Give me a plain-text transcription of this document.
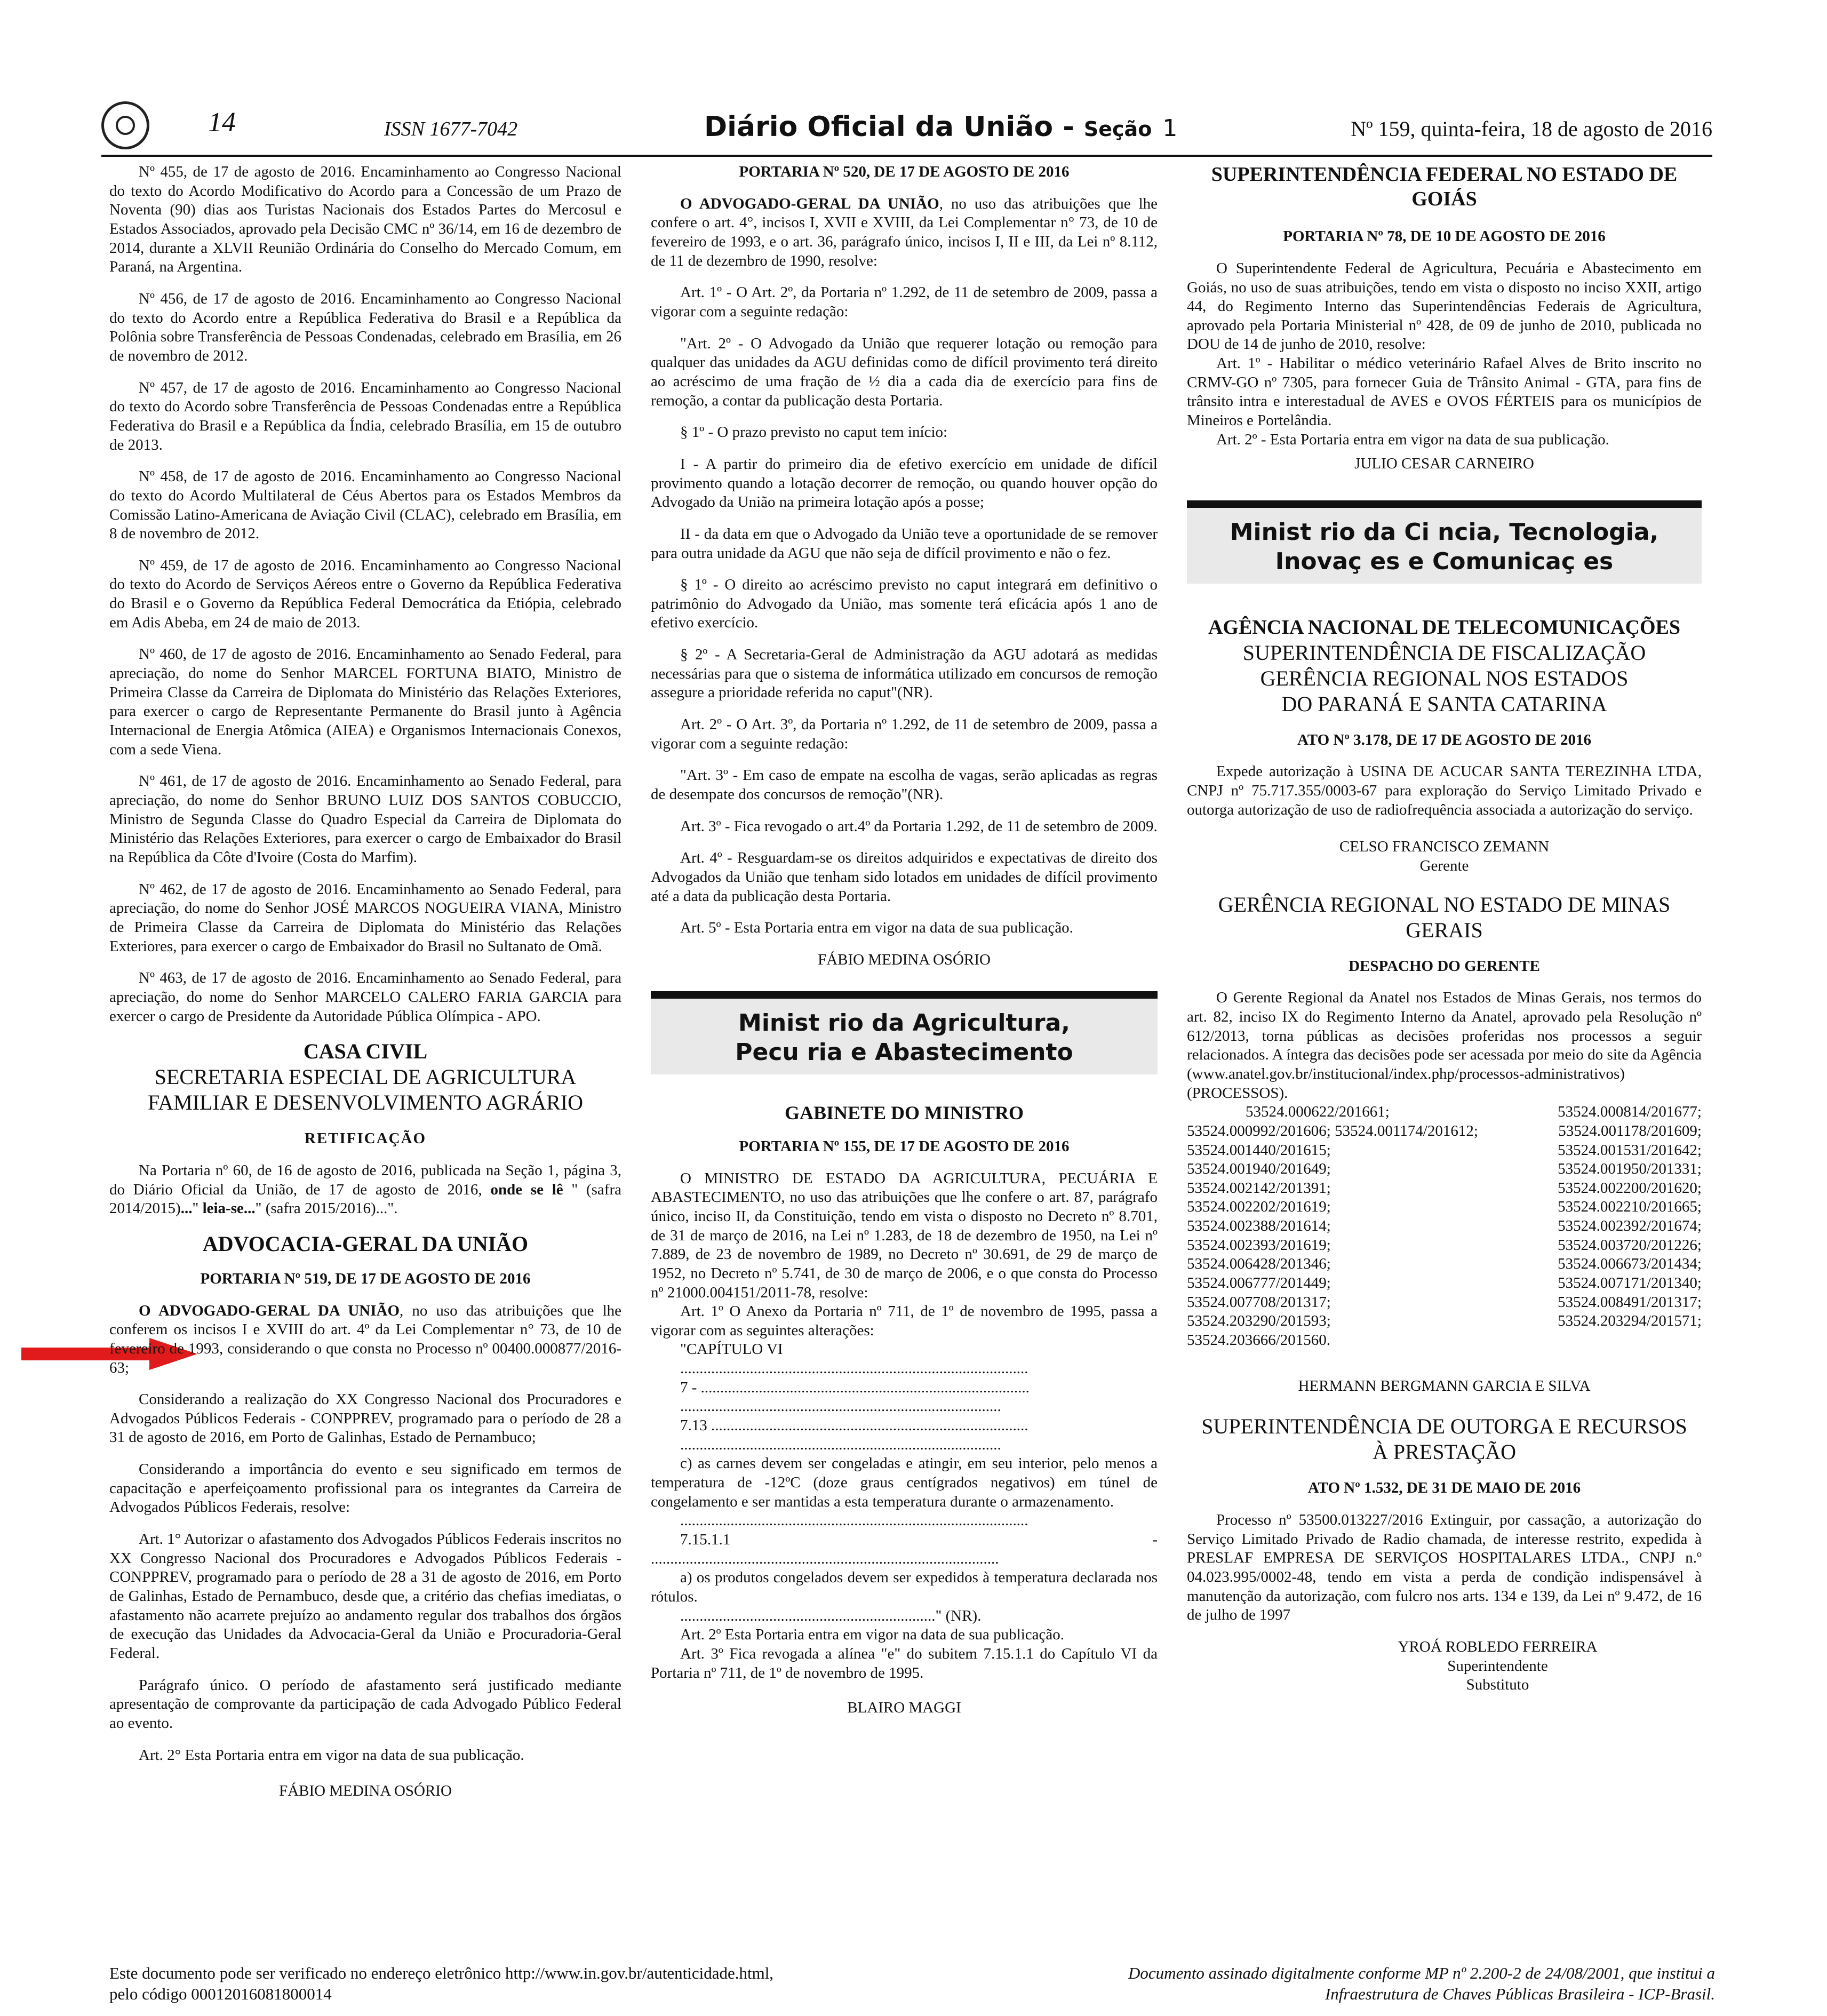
14	ISSN 1677-7042	Diário Oficial da União - Seção 1	Nº 159, quinta-feira, 18 de agosto de 2016

Nº 455, de 17 de agosto de 2016. Encaminhamento ao Congresso Nacional do texto do Acordo Modificativo do Acordo para a Concessão de um Prazo de Noventa (90) dias aos Turistas Nacionais dos Estados Partes do Mercosul e Estados Associados, aprovado pela Decisão CMC nº 36/14, em 16 de dezembro de 2014, durante a XLVII Reunião Ordinária do Conselho do Mercado Comum, em Paraná, na Argentina.

Nº 456, de 17 de agosto de 2016. Encaminhamento ao Congresso Nacional do texto do Acordo entre a República Federativa do Brasil e a República da Polônia sobre Transferência de Pessoas Condenadas, celebrado em Brasília, em 26 de novembro de 2012.

Nº 457, de 17 de agosto de 2016. Encaminhamento ao Congresso Nacional do texto do Acordo sobre Transferência de Pessoas Condenadas entre a República Federativa do Brasil e a República da Índia, celebrado Brasília, em 15 de outubro de 2013.

Nº 458, de 17 de agosto de 2016. Encaminhamento ao Congresso Nacional do texto do Acordo Multilateral de Céus Abertos para os Estados Membros da Comissão Latino-Americana de Aviação Civil (CLAC), celebrado em Brasília, em 8 de novembro de 2012.

Nº 459, de 17 de agosto de 2016. Encaminhamento ao Congresso Nacional do texto do Acordo de Serviços Aéreos entre o Governo da República Federativa do Brasil e o Governo da República Federal Democrática da Etiópia, celebrado em Adis Abeba, em 24 de maio de 2013.

Nº 460, de 17 de agosto de 2016. Encaminhamento ao Senado Federal, para apreciação, do nome do Senhor MARCEL FORTUNA BIATO, Ministro de Primeira Classe da Carreira de Diplomata do Ministério das Relações Exteriores, para exercer o cargo de Representante Permanente do Brasil junto à Agência Internacional de Energia Atômica (AIEA) e Organismos Internacionais Conexos, com a sede Viena.

Nº 461, de 17 de agosto de 2016. Encaminhamento ao Senado Federal, para apreciação, do nome do Senhor BRUNO LUIZ DOS SANTOS COBUCCIO, Ministro de Segunda Classe do Quadro Especial da Carreira de Diplomata do Ministério das Relações Exteriores, para exercer o cargo de Embaixador do Brasil na República da Côte d'Ivoire (Costa do Marfim).

Nº 462, de 17 de agosto de 2016. Encaminhamento ao Senado Federal, para apreciação, do nome do Senhor JOSÉ MARCOS NOGUEIRA VIANA, Ministro de Primeira Classe da Carreira de Diplomata do Ministério das Relações Exteriores, para exercer o cargo de Embaixador do Brasil no Sultanato de Omã.

Nº 463, de 17 de agosto de 2016. Encaminhamento ao Senado Federal, para apreciação, do nome do Senhor MARCELO CALERO FARIA GARCIA para exercer o cargo de Presidente da Autoridade Pública Olímpica - APO.

CASA CIVIL
SECRETARIA ESPECIAL DE AGRICULTURA
FAMILIAR E DESENVOLVIMENTO AGRÁRIO

RETIFICAÇÃO

Na Portaria nº 60, de 16 de agosto de 2016, publicada na Seção 1, página 3, do Diário Oficial da União, de 17 de agosto de 2016, onde se lê " (safra 2014/2015)..." leia-se..." (safra 2015/2016)...".

ADVOCACIA-GERAL DA UNIÃO

PORTARIA Nº 519, DE 17 DE AGOSTO DE 2016

O ADVOGADO-GERAL DA UNIÃO, no uso das atribuições que lhe conferem os incisos I e XVIII do art. 4º da Lei Complementar n° 73, de 10 de fevereiro de 1993, considerando o que consta no Processo nº 00400.000877/2016-63;

Considerando a realização do XX Congresso Nacional dos Procuradores e Advogados Públicos Federais - CONPPREV, programado para o período de 28 a 31 de agosto de 2016, em Porto de Galinhas, Estado de Pernambuco;

Considerando a importância do evento e seu significado em termos de capacitação e aperfeiçoamento profissional para os integrantes da Carreira de Advogados Públicos Federais, resolve:

Art. 1° Autorizar o afastamento dos Advogados Públicos Federais inscritos no XX Congresso Nacional dos Procuradores e Advogados Públicos Federais - CONPPREV, programado para o período de 28 a 31 de agosto de 2016, em Porto de Galinhas, Estado de Pernambuco, desde que, a critério das chefias imediatas, o afastamento não acarrete prejuízo ao andamento regular dos trabalhos dos órgãos de execução das Unidades da Advocacia-Geral da União e Procuradoria-Geral Federal.

Parágrafo único. O período de afastamento será justificado mediante apresentação de comprovante da participação de cada Advogado Público Federal ao evento.

Art. 2° Esta Portaria entra em vigor na data de sua publicação.

FÁBIO MEDINA OSÓRIO

PORTARIA Nº 520, DE 17 DE AGOSTO DE 2016

O ADVOGADO-GERAL DA UNIÃO, no uso das atribuições que lhe confere o art. 4°, incisos I, XVII e XVIII, da Lei Complementar n° 73, de 10 de fevereiro de 1993, e o art. 36, parágrafo único, incisos I, II e III, da Lei nº 8.112, de 11 de dezembro de 1990, resolve:

Art. 1º - O Art. 2º, da Portaria nº 1.292, de 11 de setembro de 2009, passa a vigorar com a seguinte redação:

"Art. 2º - O Advogado da União que requerer lotação ou remoção para qualquer das unidades da AGU definidas como de difícil provimento terá direito ao acréscimo de uma fração de ½ dia a cada dia de exercício para fins de remoção, a contar da publicação desta Portaria.

§ 1º - O prazo previsto no caput tem início:

I - A partir do primeiro dia de efetivo exercício em unidade de difícil provimento quando a lotação decorrer de remoção, ou quando houver opção do Advogado da União na primeira lotação após a posse;

II - da data em que o Advogado da União teve a oportunidade de se remover para outra unidade da AGU que não seja de difícil provimento e não o fez.

§ 1º - O direito ao acréscimo previsto no caput integrará em definitivo o patrimônio do Advogado da União, mas somente terá eficácia após 1 ano de efetivo exercício.

§ 2º - A Secretaria-Geral de Administração da AGU adotará as medidas necessárias para que o sistema de informática utilizado em concursos de remoção assegure a prioridade referida no caput"(NR).

Art. 2º - O Art. 3º, da Portaria nº 1.292, de 11 de setembro de 2009, passa a vigorar com a seguinte redação:

"Art. 3º - Em caso de empate na escolha de vagas, serão aplicadas as regras de desempate dos concursos de remoção"(NR).

Art. 3º - Fica revogado o art.4º da Portaria 1.292, de 11 de setembro de 2009.

Art. 4º - Resguardam-se os direitos adquiridos e expectativas de direito dos Advogados da União que tenham sido lotados em unidades de difícil provimento até a data da publicação desta Portaria.

Art. 5º - Esta Portaria entra em vigor na data de sua publicação.

FÁBIO MEDINA OSÓRIO

Minist rio da Agricultura,
Pecu ria e Abastecimento

GABINETE DO MINISTRO

PORTARIA Nº 155, DE 17 DE AGOSTO DE 2016

O MINISTRO DE ESTADO DA AGRICULTURA, PECUÁRIA E ABASTECIMENTO, no uso das atribuições que lhe confere o art. 87, parágrafo único, inciso II, da Constituição, tendo em vista o disposto no Decreto nº 8.701, de 31 de março de 2016, na Lei nº 1.283, de 18 de dezembro de 1950, na Lei nº 7.889, de 23 de novembro de 1989, no Decreto nº 30.691, de 29 de março de 1952, no Decreto nº 5.741, de 30 de março de 2006, e o que consta do Processo nº 21000.004151/2011-78, resolve:

Art. 1º O Anexo da Portaria nº 711, de 1º de novembro de 1995, passa a vigorar com as seguintes alterações:

"CAPÍTULO VI

..........................................................................................

7 - .....................................................................................

...................................................................................

7.13 ..................................................................................

...................................................................................

c) as carnes devem ser congeladas e atingir, em seu interior, pelo menos a temperatura de -12ºC (doze graus centígrados negativos) em túnel de congelamento e ser mantidas a esta temperatura durante o armazenamento.

..........................................................................................

7.15.1.1	-

..........................................................................................

a) os produtos congelados devem ser expedidos à temperatura declarada nos rótulos.

.................................................................." (NR).

Art. 2º Esta Portaria entra em vigor na data de sua publicação.

Art. 3º Fica revogada a alínea "e" do subitem 7.15.1.1 do Capítulo VI da Portaria nº 711, de 1º de novembro de 1995.

BLAIRO MAGGI

SUPERINTENDÊNCIA FEDERAL NO ESTADO DE
GOIÁS

PORTARIA Nº 78, DE 10 DE AGOSTO DE 2016

O Superintendente Federal de Agricultura, Pecuária e Abastecimento em Goiás, no uso de suas atribuições, tendo em vista o disposto no inciso XXII, artigo 44, do Regimento Interno das Superintendências Federais de Agricultura, aprovado pela Portaria Ministerial nº 428, de 09 de junho de 2010, publicada no DOU de 14 de junho de 2010, resolve:

Art. 1º - Habilitar o médico veterinário Rafael Alves de Brito inscrito no CRMV-GO nº 7305, para fornecer Guia de Trânsito Animal - GTA, para fins de trânsito intra e interestadual de AVES e OVOS FÉRTEIS para os municípios de Mineiros e Portelândia.

Art. 2º - Esta Portaria entra em vigor na data de sua publicação.

JULIO CESAR CARNEIRO

Minist rio da Ci ncia, Tecnologia,
Inovaç es e Comunicaç es
AGÊNCIA NACIONAL DE TELECOMUNICAÇÕES
SUPERINTENDÊNCIA DE FISCALIZAÇÃO
GERÊNCIA REGIONAL NOS ESTADOS
DO PARANÁ E SANTA CATARINA

ATO Nº 3.178, DE 17 DE AGOSTO DE 2016

Expede autorização à USINA DE ACUCAR SANTA TEREZINHA LTDA, CNPJ nº 75.717.355/0003-67 para exploração do Serviço Limitado Privado e outorga autorização de uso de radiofrequência associada a autorização do serviço.

CELSO FRANCISCO ZEMANN

Gerente

GERÊNCIA REGIONAL NO ESTADO DE MINAS
GERAIS

DESPACHO DO GERENTE

O Gerente Regional da Anatel nos Estados de Minas Gerais, nos termos do art. 82, inciso IX do Regimento Interno da Anatel, aprovado pela Resolução nº 612/2013, torna públicas as decisões proferidas nos processos a seguir relacionados. A íntegra das decisões pode ser acessada por meio do site da Agência (www.anatel.gov.br/institucional/index.php/processos-administrativos) (PROCESSOS).

53524.000622/201661;	53524.000814/201677;
53524.000992/201606; 53524.001174/201612;	53524.001178/201609;
53524.001440/201615;	53524.001531/201642;
53524.001940/201649;	53524.001950/201331;
53524.002142/201391;	53524.002200/201620;
53524.002202/201619;	53524.002210/201665;
53524.002388/201614;	53524.002392/201674;
53524.002393/201619;	53524.003720/201226;
53524.006428/201346;	53524.006673/201434;
53524.006777/201449;	53524.007171/201340;
53524.007708/201317;	53524.008491/201317;
53524.203290/201593;	53524.203294/201571;
53524.203666/201560.

HERMANN BERGMANN GARCIA E SILVA

SUPERINTENDÊNCIA DE OUTORGA E RECURSOS
À PRESTAÇÃO

ATO Nº 1.532, DE 31 DE MAIO DE 2016

Processo nº 53500.013227/2016 Extinguir, por cassação, a autorização do Serviço Limitado Privado de Radio chamada, de interesse restrito, expedida à PRESLAF EMPRESA DE SERVIÇOS HOSPITALARES LTDA., CNPJ n.º 04.023.995/0002-48, tendo em vista a perda de condição indispensável à manutenção da autorização, com fulcro nos arts. 134 e 139, da Lei nº 9.472, de 16 de julho de 1997

YROÁ ROBLEDO FERREIRA

Superintendente

Substituto

Este documento pode ser verificado no endereço eletrônico http://www.in.gov.br/autenticidade.html,
pelo código 00012016081800014
Documento assinado digitalmente conforme MP nº 2.200-2 de 24/08/2001, que institui a
Infraestrutura de Chaves Públicas Brasileira - ICP-Brasil.
